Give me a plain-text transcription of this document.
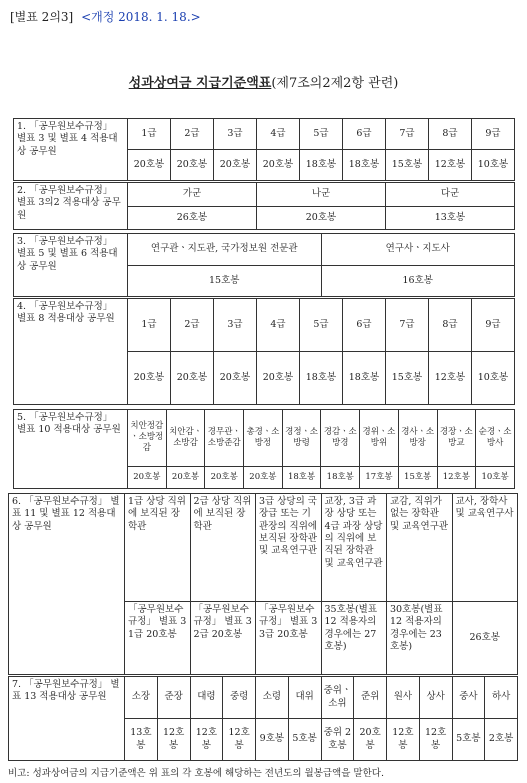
[별표 2의3] <개정 2018. 1. 18.>
성과상여금 지급기준액표(제7조의2제2항 관련)
1. 「공무원보수규정」 별표 3 및 별표 4 적용대상 공무원	1급	2급	3급	4급	5급	6급	7급	8급	9급
	20호봉	20호봉	20호봉	20호봉	18호봉	18호봉	15호봉	12호봉	10호봉
2. 「공무원보수규정」 별표 3의2 적용대상 공무원	가군	나군	다군
	26호봉	20호봉	13호봉
3. 「공무원보수규정」 별표 5 및 별표 6 적용대상 공무원	연구관ㆍ지도관, 국가정보원 전문관	연구사ㆍ지도사
	15호봉	16호봉
4. 「공무원보수규정」 별표 8 적용대상 공무원	1급	2급	3급	4급	5급	6급	7급	8급	9급
	20호봉	20호봉	20호봉	20호봉	18호봉	18호봉	15호봉	12호봉	10호봉
5. 「공무원보수규정」 별표 10 적용대상 공무원	치안정감ㆍ소방정감	치안감ㆍ소방감	경무관ㆍ소방준감	총경ㆍ소방정	경정ㆍ소방령	경감ㆍ소방경	경위ㆍ소방위	경사ㆍ소방장	경장ㆍ소방교	순경ㆍ소방사
	20호봉	20호봉	20호봉	20호봉	18호봉	18호봉	17호봉	15호봉	12호봉	10호봉
6. 「공무원보수규정」 별표 11 및 별표 12 적용대상 공무원	1급 상당 직위에 보직된 장학관	2급 상당 직위에 보직된 장학관	3급 상당의 국장급 또는 기관장의 직위에 보직된 장학관 및 교육연구관	교장, 3급 과장 상당 또는 4급 과장 상당의 직위에 보직된 장학관 및 교육연구관	교감, 직위가 없는 장학관 및 교육연구관	교사, 장학사 및 교육연구사
	「공무원보수규정」 별표 3 1급 20호봉	「공무원보수규정」 별표 3 2급 20호봉	「공무원보수규정」 별표 3 3급 20호봉	35호봉(별표 12 적용자의 경우에는 27호봉)	30호봉(별표 12 적용자의 경우에는 23호봉)	26호봉
7. 「공무원보수규정」 별표 13 적용대상 공무원	소장	준장	대령	중령	소령	대위	중위ㆍ소위	준위	원사	상사	중사	하사
	13호봉	12호봉	12호봉	12호봉	9호봉	5호봉	중위 2호봉	20호봉	12호봉	12호봉	5호봉	2호봉
비고: 성과상여금의 지급기준액은 위 표의 각 호봉에 해당하는 전년도의 월봉급액을 말한다.
